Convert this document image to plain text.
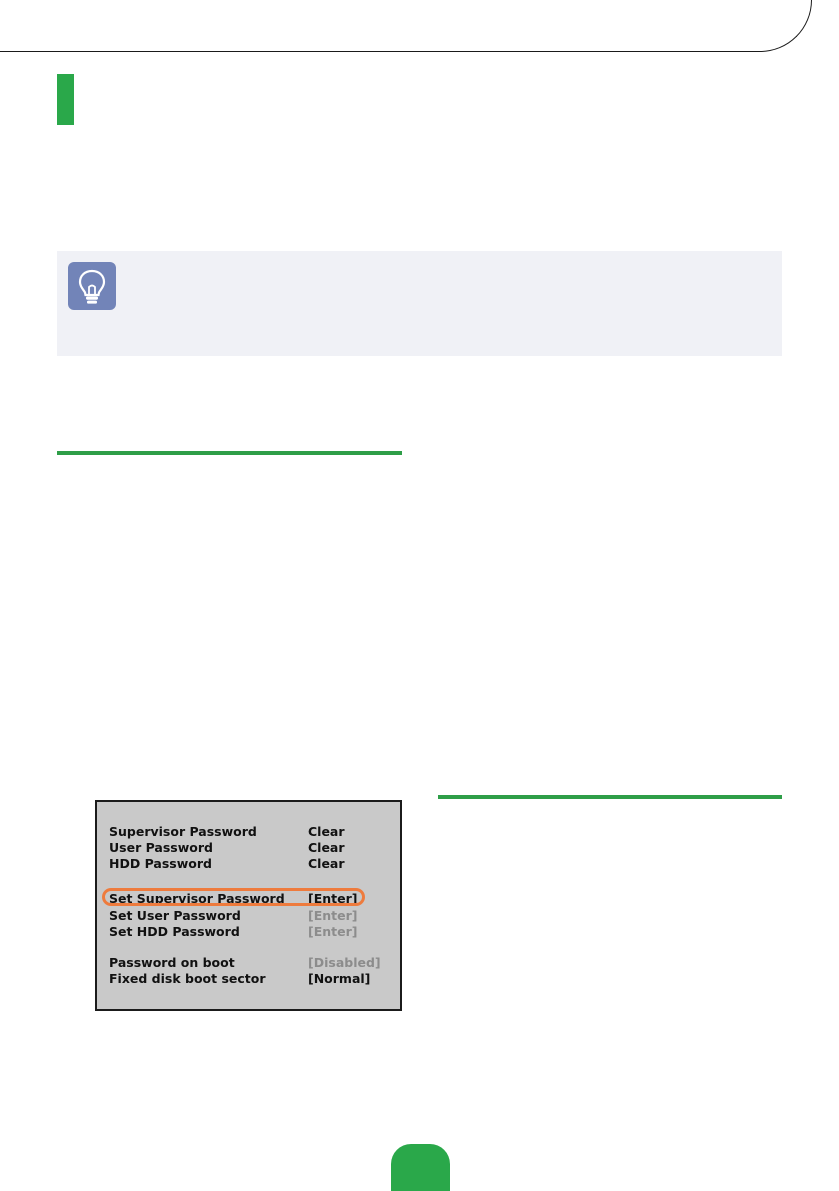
Supervisor Password	Clear
User Password	Clear
HDD Password	Clear
Set Supervisor Password [Enter]
Set User Password	[Enter]
Set HDD Password	[Enter]
Password on boot	[Disabled]
Fixed disk boot sector	[Normal]
